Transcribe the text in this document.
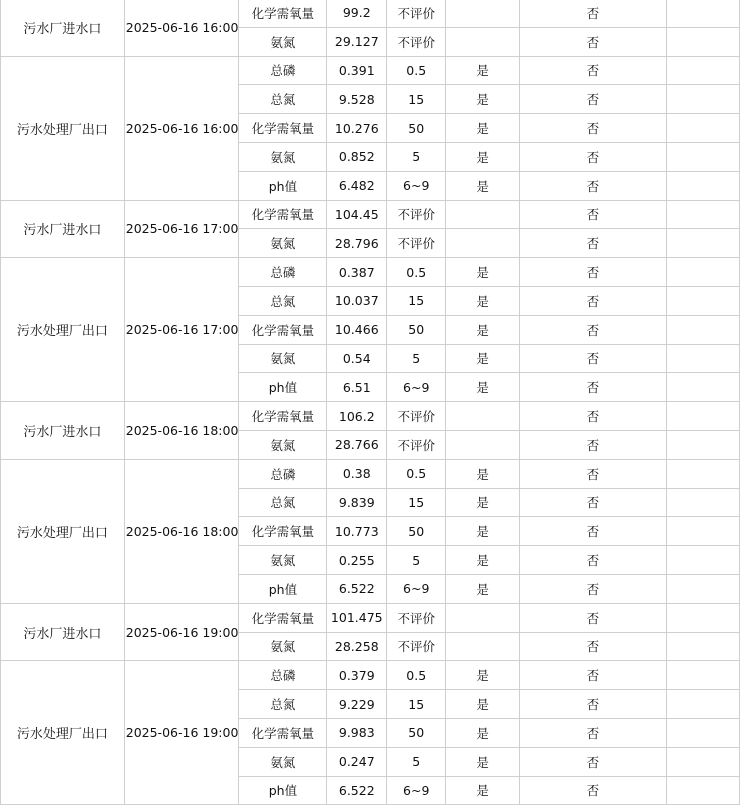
污水厂进水口	2025-06-16 16:00	化学需氧量	99.2	不评价		否	
		氨氮	29.127	不评价		否	
污水处理厂出口	2025-06-16 16:00	总磷	0.391	0.5	是	否	
		总氮	9.528	15	是	否	
		化学需氧量	10.276	50	是	否	
		氨氮	0.852	5	是	否	
		ph值	6.482	6~9	是	否	
污水厂进水口	2025-06-16 17:00	化学需氧量	104.45	不评价		否	
		氨氮	28.796	不评价		否	
污水处理厂出口	2025-06-16 17:00	总磷	0.387	0.5	是	否	
		总氮	10.037	15	是	否	
		化学需氧量	10.466	50	是	否	
		氨氮	0.54	5	是	否	
		ph值	6.51	6~9	是	否	
污水厂进水口	2025-06-16 18:00	化学需氧量	106.2	不评价		否	
		氨氮	28.766	不评价		否	
污水处理厂出口	2025-06-16 18:00	总磷	0.38	0.5	是	否	
		总氮	9.839	15	是	否	
		化学需氧量	10.773	50	是	否	
		氨氮	0.255	5	是	否	
		ph值	6.522	6~9	是	否	
污水厂进水口	2025-06-16 19:00	化学需氧量	101.475	不评价		否	
		氨氮	28.258	不评价		否	
污水处理厂出口	2025-06-16 19:00	总磷	0.379	0.5	是	否	
		总氮	9.229	15	是	否	
		化学需氧量	9.983	50	是	否	
		氨氮	0.247	5	是	否	
		ph值	6.522	6~9	是	否	
